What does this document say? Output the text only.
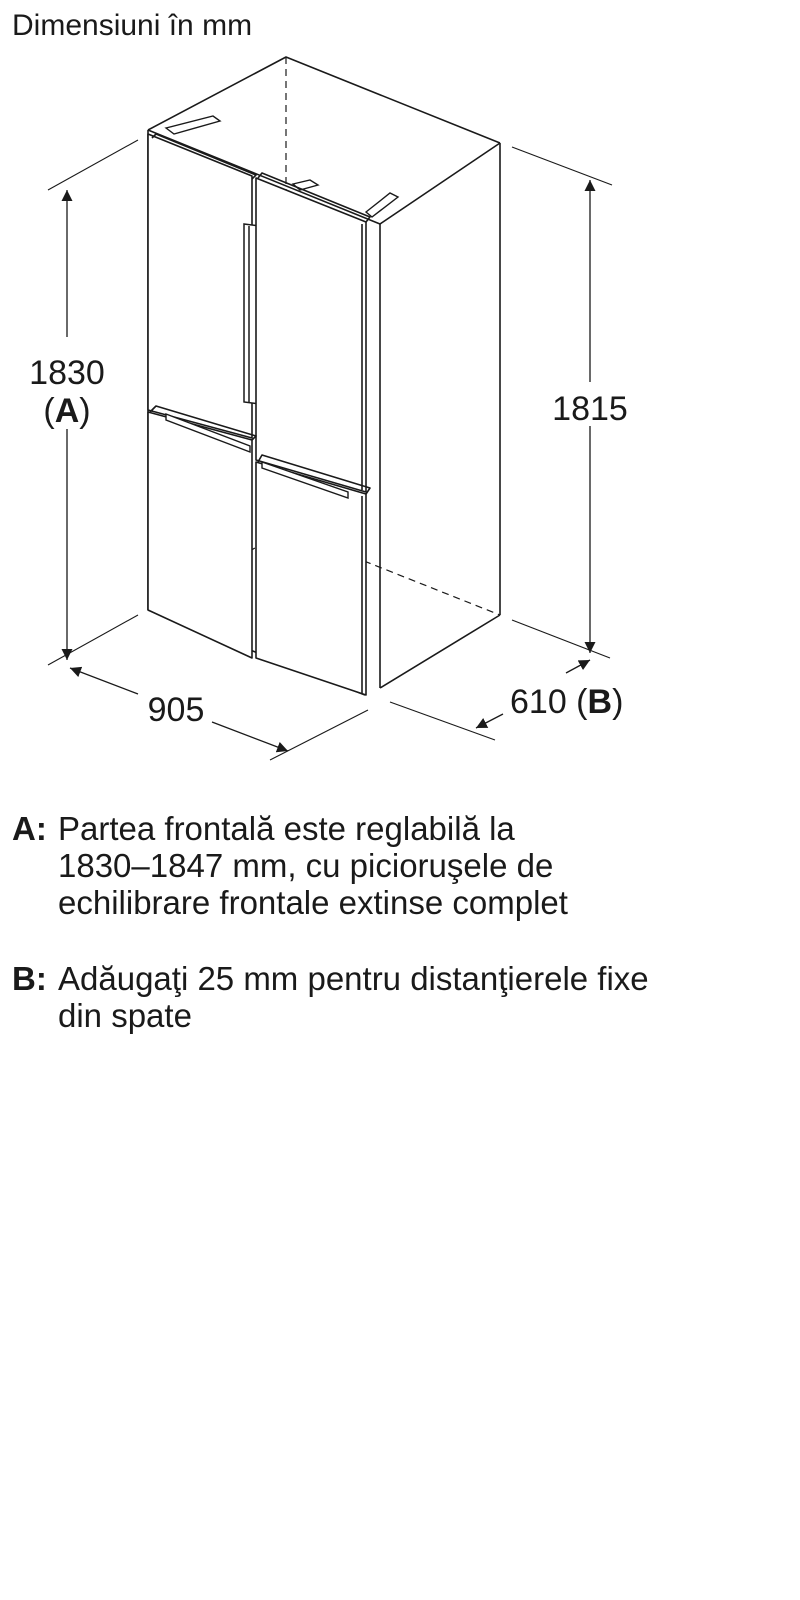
Dimensiuni în mm
1830
(A)	1815
905	610 (B)
A: Partea frontală este reglabilă la
1830–1847 mm, cu picioruşele de
echilibrare frontale extinse complet
B: Adăugaţi 25 mm pentru distanţierele fixe
din spate
